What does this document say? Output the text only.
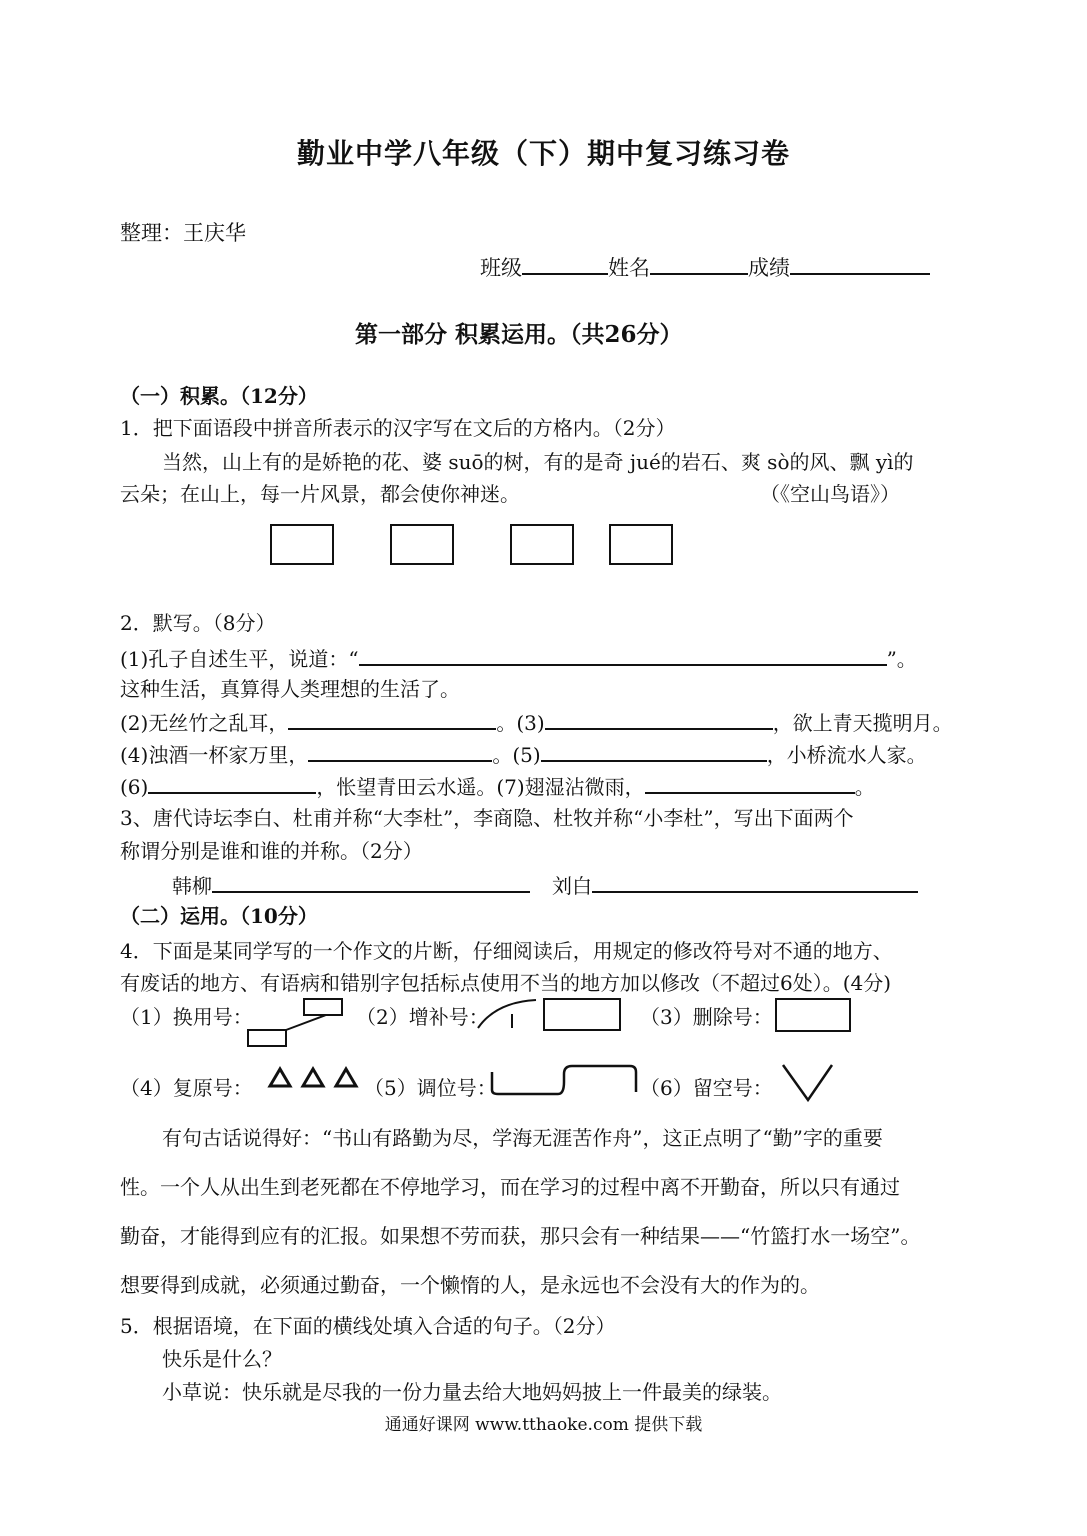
勤业中学八年级（下）期中复习练习卷
整理：王庆华
班级	姓名	成绩
第一部分 积累运用。（共26分）
（一）积累。（12分）
1．把下面语段中拼音所表示的汉字写在文后的方格内。（2分）
当然，山上有的是娇艳的花、婆 suō的树，有的是奇 jué的岩石、爽 sò的风、飘 yì的
云朵；在山上，每一片风景，都会使你神迷。	（《空山鸟语》）
2．默写。（8分）
(1)孔子自述生平，说道：“	”。
这种生活，真算得人类理想的生活了。
(2)无丝竹之乱耳，	。(3)	，欲上青天揽明月。
(4)浊酒一杯家万里，	。(5)	，小桥流水人家。
(6)	，怅望青田云水遥。(7)翅湿沾微雨，	。
3、唐代诗坛李白、杜甫并称“大李杜”，李商隐、杜牧并称“小李杜”，写出下面两个
称谓分别是谁和谁的并称。（2分）
韩柳	刘白
（二）运用。（10分）
4．下面是某同学写的一个作文的片断，仔细阅读后，用规定的修改符号对不通的地方、
有废话的地方、有语病和错别字包括标点使用不当的地方加以修改（不超过6处）。(4分)
（1）换用号：	（2）增补号：	（3）删除号：
（4）复原号：	（5）调位号：	（6）留空号：
有句古话说得好：“书山有路勤为尽，学海无涯苦作舟”，这正点明了“勤”字的重要
性。一个人从出生到老死都在不停地学习，而在学习的过程中离不开勤奋，所以只有通过
勤奋，才能得到应有的汇报。如果想不劳而获，那只会有一种结果——“竹篮打水一场空”。
想要得到成就，必须通过勤奋，一个懒惰的人，是永远也不会没有大的作为的。
5．根据语境，在下面的横线处填入合适的句子。（2分）
快乐是什么？
小草说：快乐就是尽我的一份力量去给大地妈妈披上一件最美的绿装。
通通好课网 www.tthaoke.com 提供下载
